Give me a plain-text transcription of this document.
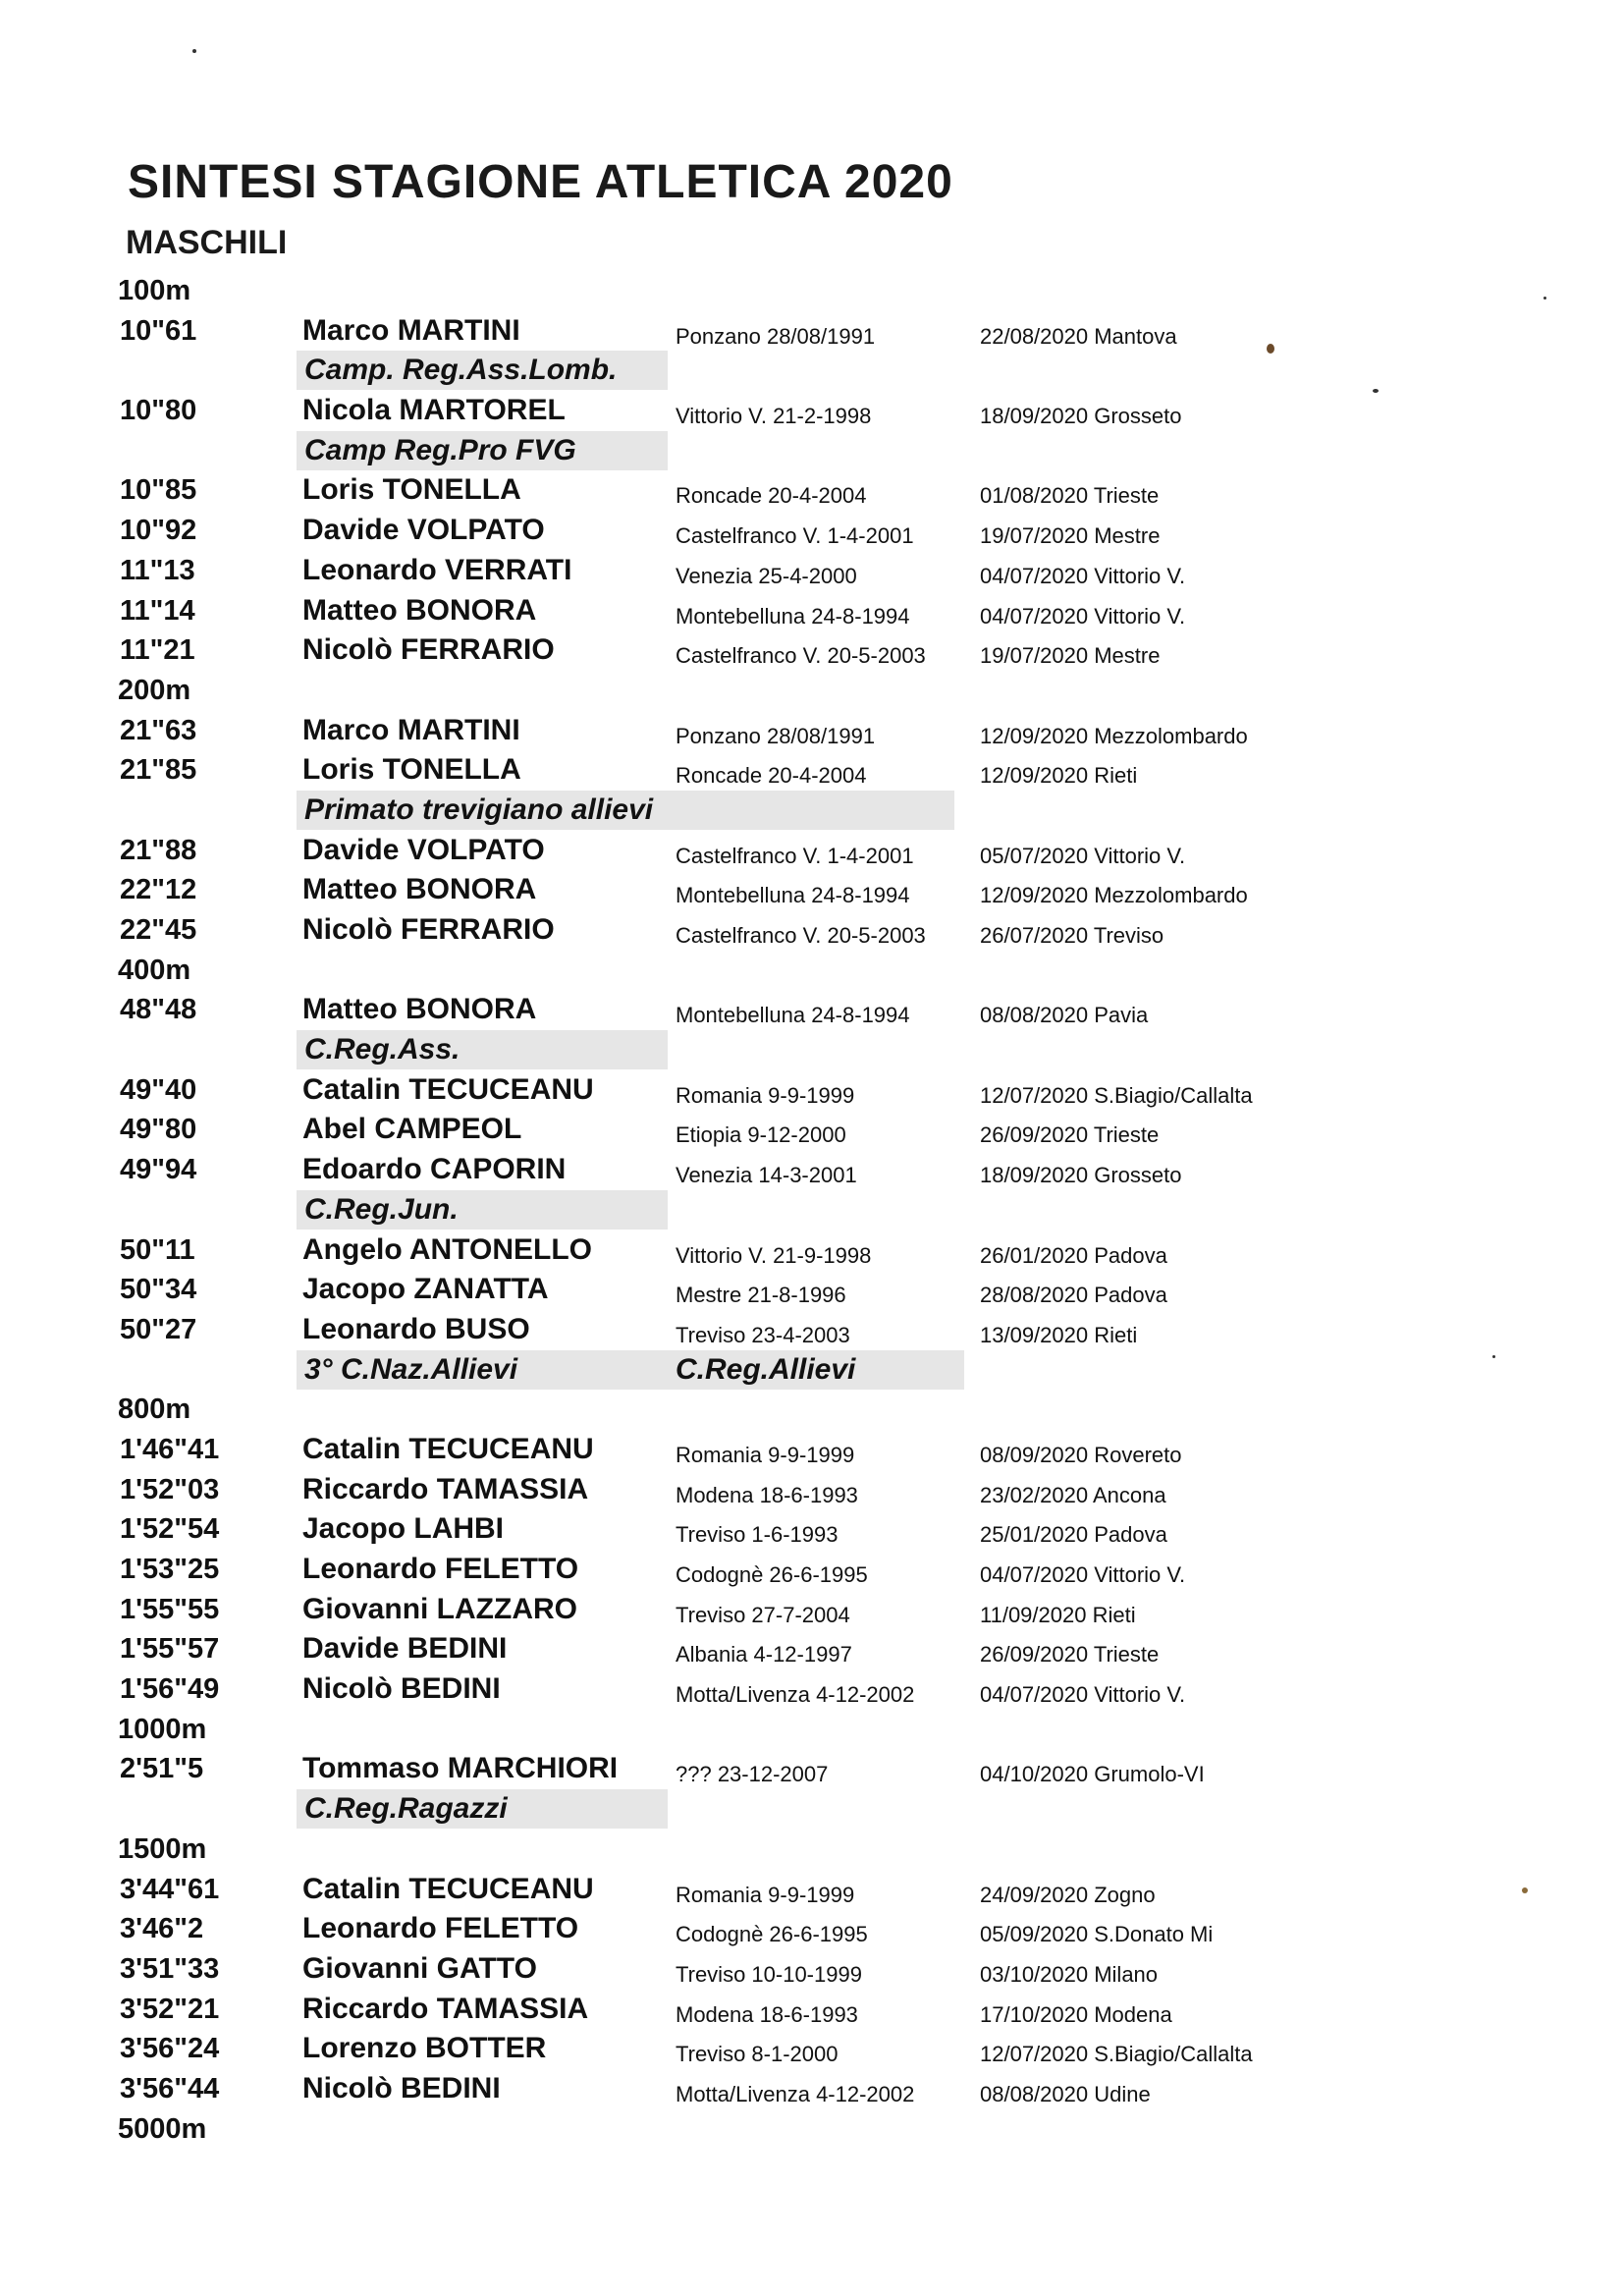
SINTESI STAGIONE ATLETICA 2020
MASCHILI
100m
10"61	Marco MARTINI	Ponzano 28/08/1991	22/08/2020 Mantova
Camp. Reg.Ass.Lomb.
10"80	Nicola MARTOREL	Vittorio V. 21-2-1998	18/09/2020 Grosseto
Camp Reg.Pro FVG
10"85	Loris TONELLA	Roncade 20-4-2004	01/08/2020 Trieste
10"92	Davide VOLPATO	Castelfranco V. 1-4-2001	19/07/2020 Mestre
11"13	Leonardo VERRATI	Venezia 25-4-2000	04/07/2020 Vittorio V.
11"14	Matteo BONORA	Montebelluna 24-8-1994	04/07/2020 Vittorio V.
11"21	Nicolò FERRARIO	Castelfranco V. 20-5-2003	19/07/2020 Mestre
200m
21"63	Marco MARTINI	Ponzano 28/08/1991	12/09/2020 Mezzolombardo
21"85	Loris TONELLA	Roncade 20-4-2004	12/09/2020 Rieti
Primato trevigiano allievi
21"88	Davide VOLPATO	Castelfranco V. 1-4-2001	05/07/2020 Vittorio V.
22"12	Matteo BONORA	Montebelluna 24-8-1994	12/09/2020 Mezzolombardo
22"45	Nicolò FERRARIO	Castelfranco V. 20-5-2003	26/07/2020 Treviso
400m
48"48	Matteo BONORA	Montebelluna 24-8-1994	08/08/2020 Pavia
C.Reg.Ass.
49"40	Catalin TECUCEANU	Romania 9-9-1999	12/07/2020 S.Biagio/Callalta
49"80	Abel CAMPEOL	Etiopia 9-12-2000	26/09/2020 Trieste
49"94	Edoardo CAPORIN	Venezia 14-3-2001	18/09/2020 Grosseto
C.Reg.Jun.
50"11	Angelo ANTONELLO	Vittorio V. 21-9-1998	26/01/2020 Padova
50"34	Jacopo ZANATTA	Mestre 21-8-1996	28/08/2020 Padova
50"27	Leonardo BUSO	Treviso 23-4-2003	13/09/2020 Rieti
3° C.Naz.Allievi	C.Reg.Allievi
800m
1'46"41	Catalin TECUCEANU	Romania 9-9-1999	08/09/2020 Rovereto
1'52"03	Riccardo TAMASSIA	Modena 18-6-1993	23/02/2020 Ancona
1'52"54	Jacopo LAHBI	Treviso 1-6-1993	25/01/2020 Padova
1'53"25	Leonardo FELETTO	Codognè 26-6-1995	04/07/2020 Vittorio V.
1'55"55	Giovanni LAZZARO	Treviso 27-7-2004	11/09/2020 Rieti
1'55"57	Davide BEDINI	Albania 4-12-1997	26/09/2020 Trieste
1'56"49	Nicolò BEDINI	Motta/Livenza 4-12-2002	04/07/2020 Vittorio V.
1000m
2'51"5	Tommaso MARCHIORI	??? 23-12-2007	04/10/2020 Grumolo-VI
C.Reg.Ragazzi
1500m
3'44"61	Catalin TECUCEANU	Romania 9-9-1999	24/09/2020 Zogno
3'46"2	Leonardo FELETTO	Codognè 26-6-1995	05/09/2020 S.Donato Mi
3'51"33	Giovanni GATTO	Treviso 10-10-1999	03/10/2020 Milano
3'52"21	Riccardo TAMASSIA	Modena 18-6-1993	17/10/2020 Modena
3'56"24	Lorenzo BOTTER	Treviso 8-1-2000	12/07/2020 S.Biagio/Callalta
3'56"44	Nicolò BEDINI	Motta/Livenza 4-12-2002	08/08/2020 Udine
5000m
